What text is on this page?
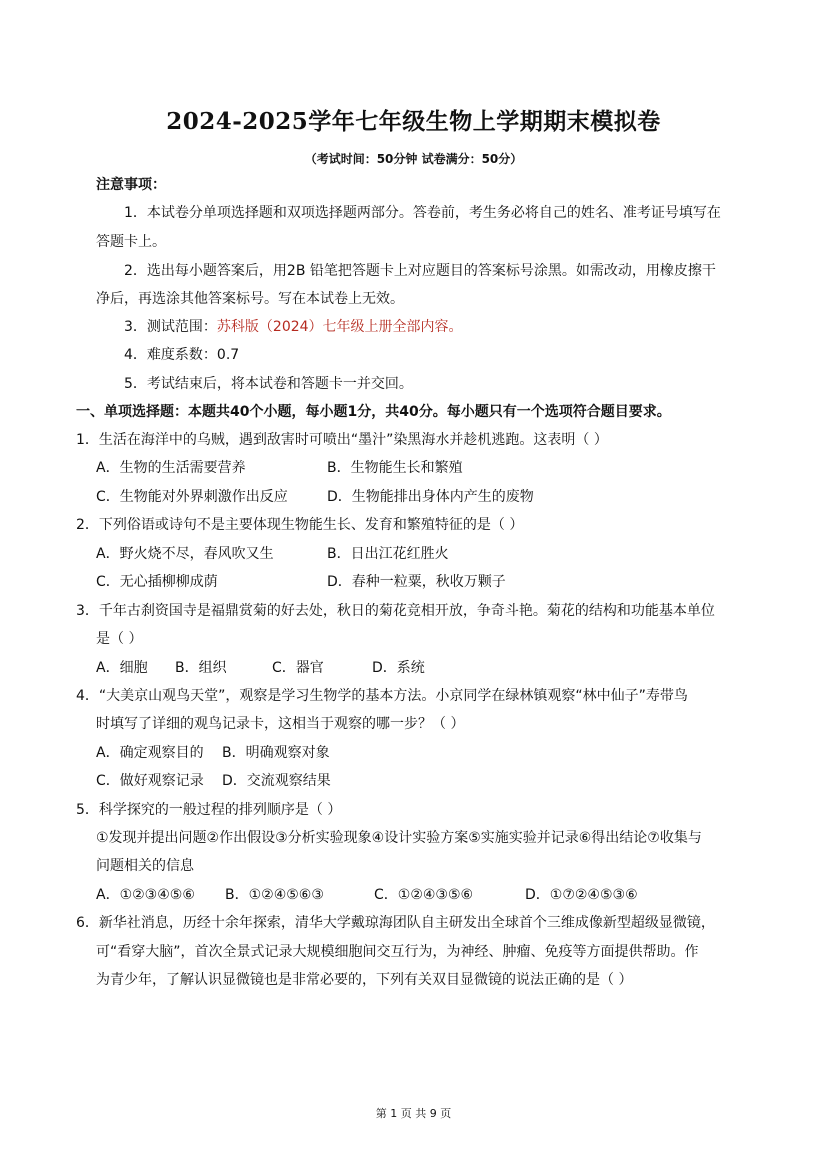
2024-2025学年七年级生物上学期期末模拟卷
（考试时间：50分钟 试卷满分：50分）
注意事项：
1．本试卷分单项选择题和双项选择题两部分。答卷前，考生务必将自己的姓名、准考证号填写在
答题卡上。
2．选出每小题答案后，用2B 铅笔把答题卡上对应题目的答案标号涂黑。如需改动，用橡皮擦干
净后，再选涂其他答案标号。写在本试卷上无效。
3．测试范围：苏科版（2024）七年级上册全部内容。
4．难度系数：0.7
5．考试结束后，将本试卷和答题卡一并交回。
一、单项选择题：本题共40个小题，每小题1分，共40分。每小题只有一个选项符合题目要求。
1．生活在海洋中的乌贼，遇到敌害时可喷出“墨汁”染黑海水并趁机逃跑。这表明（ ）
A．生物的生活需要营养	B．生物能生长和繁殖
C．生物能对外界刺激作出反应	D．生物能排出身体内产生的废物
2．下列俗语或诗句不是主要体现生物能生长、发育和繁殖特征的是（ ）
A．野火烧不尽，春风吹又生	B．日出江花红胜火
C．无心插柳柳成荫	D．春种一粒粟，秋收万颗子
3．千年古刹资国寺是福鼎赏菊的好去处，秋日的菊花竞相开放，争奇斗艳。菊花的结构和功能基本单位
是（ ）
A．细胞 B．组织	C．器官	D．系统
4．“大美京山观鸟天堂”，观察是学习生物学的基本方法。小京同学在绿林镇观察“林中仙子”寿带鸟
时填写了详细的观鸟记录卡，这相当于观察的哪一步？（ ）
A．确定观察目的 B．明确观察对象
C．做好观察记录 D．交流观察结果
5．科学探究的一般过程的排列顺序是（ ）
①发现并提出问题②作出假设③分析实验现象④设计实验方案⑤实施实验并记录⑥得出结论⑦收集与
问题相关的信息
A．①②③④⑤⑥ B．①②④⑤⑥③	C．①②④③⑤⑥	D．①⑦②④⑤③⑥
6．新华社消息，历经十余年探索，清华大学戴琼海团队自主研发出全球首个三维成像新型超级显微镜，
可“看穿大脑”，首次全景式记录大规模细胞间交互行为，为神经、肿瘤、免疫等方面提供帮助。作
为青少年，了解认识显微镜也是非常必要的，下列有关双目显微镜的说法正确的是（ ）
第 1 页 共 9 页
